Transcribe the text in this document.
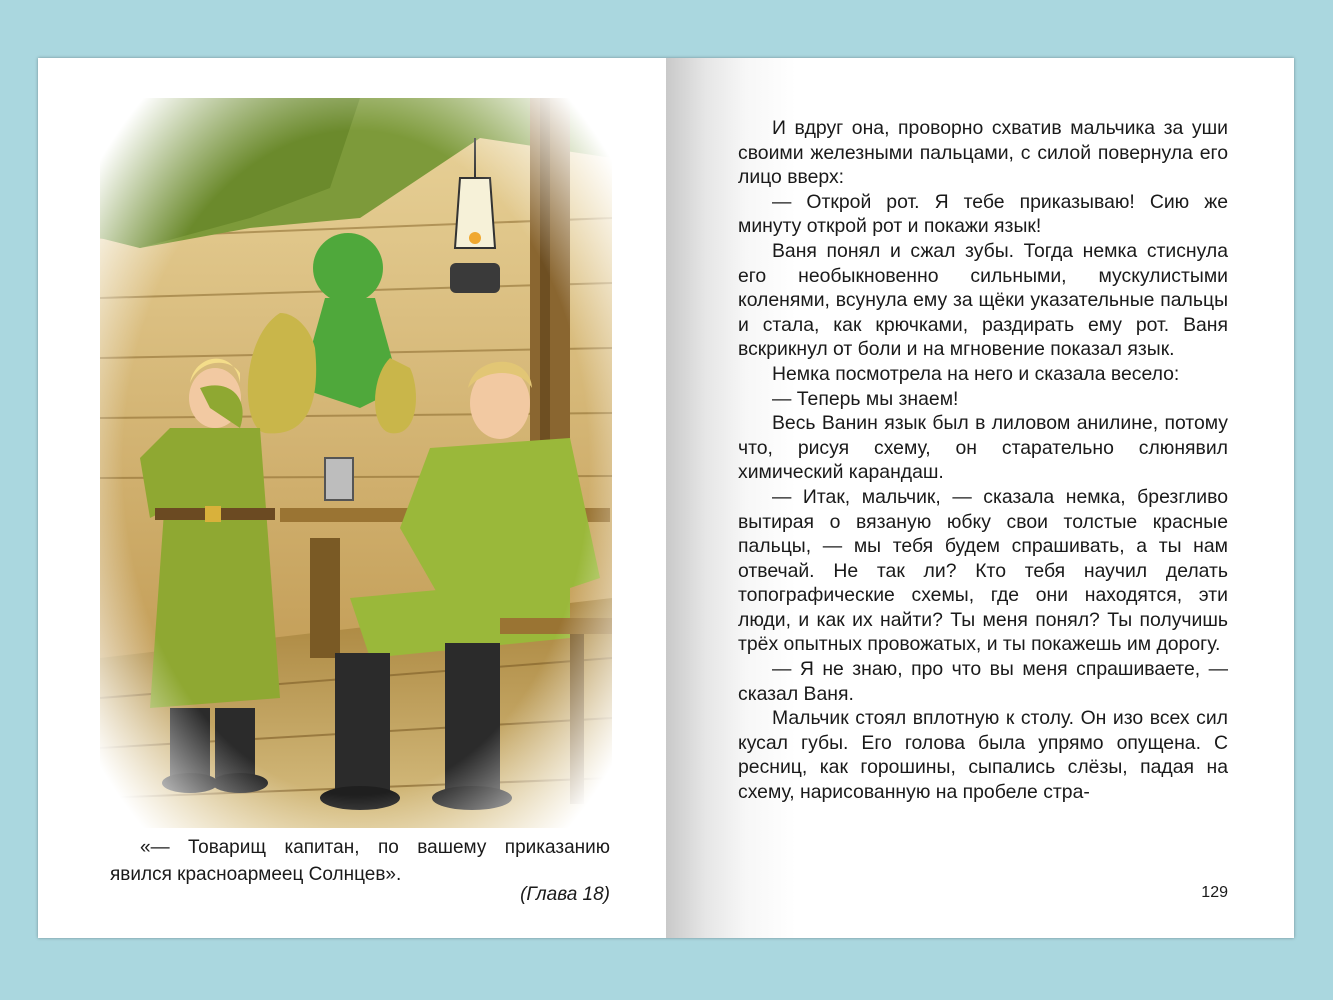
«— Товарищ капитан, по вашему приказанию явился красноармеец Солнцев».
(Глава 18)

И вдруг она, проворно схватив мальчика за уши своими железными пальцами, с силой повернула его лицо вверх:

— Открой рот. Я тебе приказываю! Сию же минуту открой рот и покажи язык!

Ваня понял и сжал зубы. Тогда немка стиснула его необыкновенно сильными, мускулистыми коленями, всунула ему за щёки указательные пальцы и стала, как крючками, раздирать ему рот. Ваня вскрикнул от боли и на мгновение показал язык.

Немка посмотрела на него и сказала весело:

— Теперь мы знаем!

Весь Ванин язык был в лиловом анилине, потому что, рисуя схему, он старательно слюнявил химический карандаш.

— Итак, мальчик, — сказала немка, брезгливо вытирая о вязаную юбку свои толстые красные пальцы, — мы тебя будем спрашивать, а ты нам отвечай. Не так ли? Кто тебя научил делать топографические схемы, где они находятся, эти люди, и как их найти? Ты меня понял? Ты получишь трёх опытных провожатых, и ты покажешь им дорогу.

— Я не знаю, про что вы меня спрашиваете, — сказал Ваня.

Мальчик стоял вплотную к столу. Он изо всех сил кусал губы. Его голова была упрямо опущена. С ресниц, как горошины, сыпались слёзы, падая на схему, нарисованную на пробеле стра-

129
